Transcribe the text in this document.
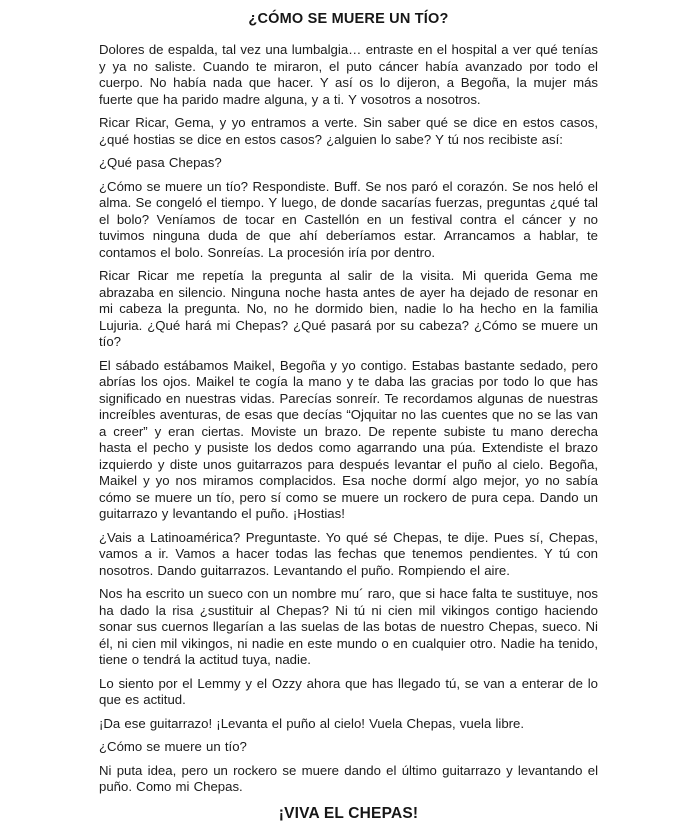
¿CÓMO SE MUERE UN TÍO?

Dolores de espalda, tal vez una lumbalgia… entraste en el hospital a ver qué tenías y ya no saliste. Cuando te miraron, el puto cáncer había avanzado por todo el cuerpo. No había nada que hacer. Y así os lo dijeron, a Begoña, la mujer más fuerte que ha parido madre alguna, y a ti. Y vosotros a nosotros.

Ricar Ricar, Gema, y yo entramos a verte. Sin saber qué se dice en estos casos, ¿qué hostias se dice en estos casos? ¿alguien lo sabe? Y tú nos recibiste así:

¿Qué pasa Chepas?

¿Cómo se muere un tío? Respondiste. Buff. Se nos paró el corazón. Se nos heló el alma. Se congeló el tiempo. Y luego, de donde sacarías fuerzas, preguntas ¿qué tal el bolo? Veníamos de tocar en Castellón en un festival contra el cáncer y no tuvimos ninguna duda de que ahí deberíamos estar. Arrancamos a hablar, te contamos el bolo. Sonreías. La procesión iría por dentro.

Ricar Ricar me repetía la pregunta al salir de la visita. Mi querida Gema me abrazaba en silencio. Ninguna noche hasta antes de ayer ha dejado de resonar en mi cabeza la pregunta. No, no he dormido bien, nadie lo ha hecho en la familia Lujuria. ¿Qué hará mi Chepas? ¿Qué pasará por su cabeza? ¿Cómo se muere un tío?

El sábado estábamos Maikel, Begoña y yo contigo. Estabas bastante sedado, pero abrías los ojos. Maikel te cogía la mano y te daba las gracias por todo lo que has significado en nuestras vidas. Parecías sonreír. Te recordamos algunas de nuestras increíbles aventuras, de esas que decías “Ojquitar no las cuentes que no se las van a creer” y eran ciertas. Moviste un brazo. De repente subiste tu mano derecha hasta el pecho y pusiste los dedos como agarrando una púa. Extendiste el brazo izquierdo y diste unos guitarrazos para después levantar el puño al cielo. Begoña, Maikel y yo nos miramos complacidos. Esa noche dormí algo mejor, yo no sabía cómo se muere un tío, pero sí como se muere un rockero de pura cepa. Dando un guitarrazo y levantando el puño. ¡Hostias!

¿Vais a Latinoamérica? Preguntaste. Yo qué sé Chepas, te dije. Pues sí, Chepas, vamos a ir. Vamos a hacer todas las fechas que tenemos pendientes. Y tú con nosotros. Dando guitarrazos. Levantando el puño. Rompiendo el aire.

Nos ha escrito un sueco con un nombre mu´ raro, que si hace falta te sustituye, nos ha dado la risa ¿sustituir al Chepas? Ni tú ni cien mil vikingos contigo haciendo sonar sus cuernos llegarían a las suelas de las botas de nuestro Chepas, sueco. Ni él, ni cien mil vikingos, ni nadie en este mundo o en cualquier otro. Nadie ha tenido, tiene o tendrá la actitud tuya, nadie.

Lo siento por el Lemmy y el Ozzy ahora que has llegado tú, se van a enterar de lo que es actitud.

¡Da ese guitarrazo! ¡Levanta el puño al cielo! Vuela Chepas, vuela libre.

¿Cómo se muere un tío?

Ni puta idea, pero un rockero se muere dando el último guitarrazo y levantando el puño. Como mi Chepas.

¡VIVA EL CHEPAS!
